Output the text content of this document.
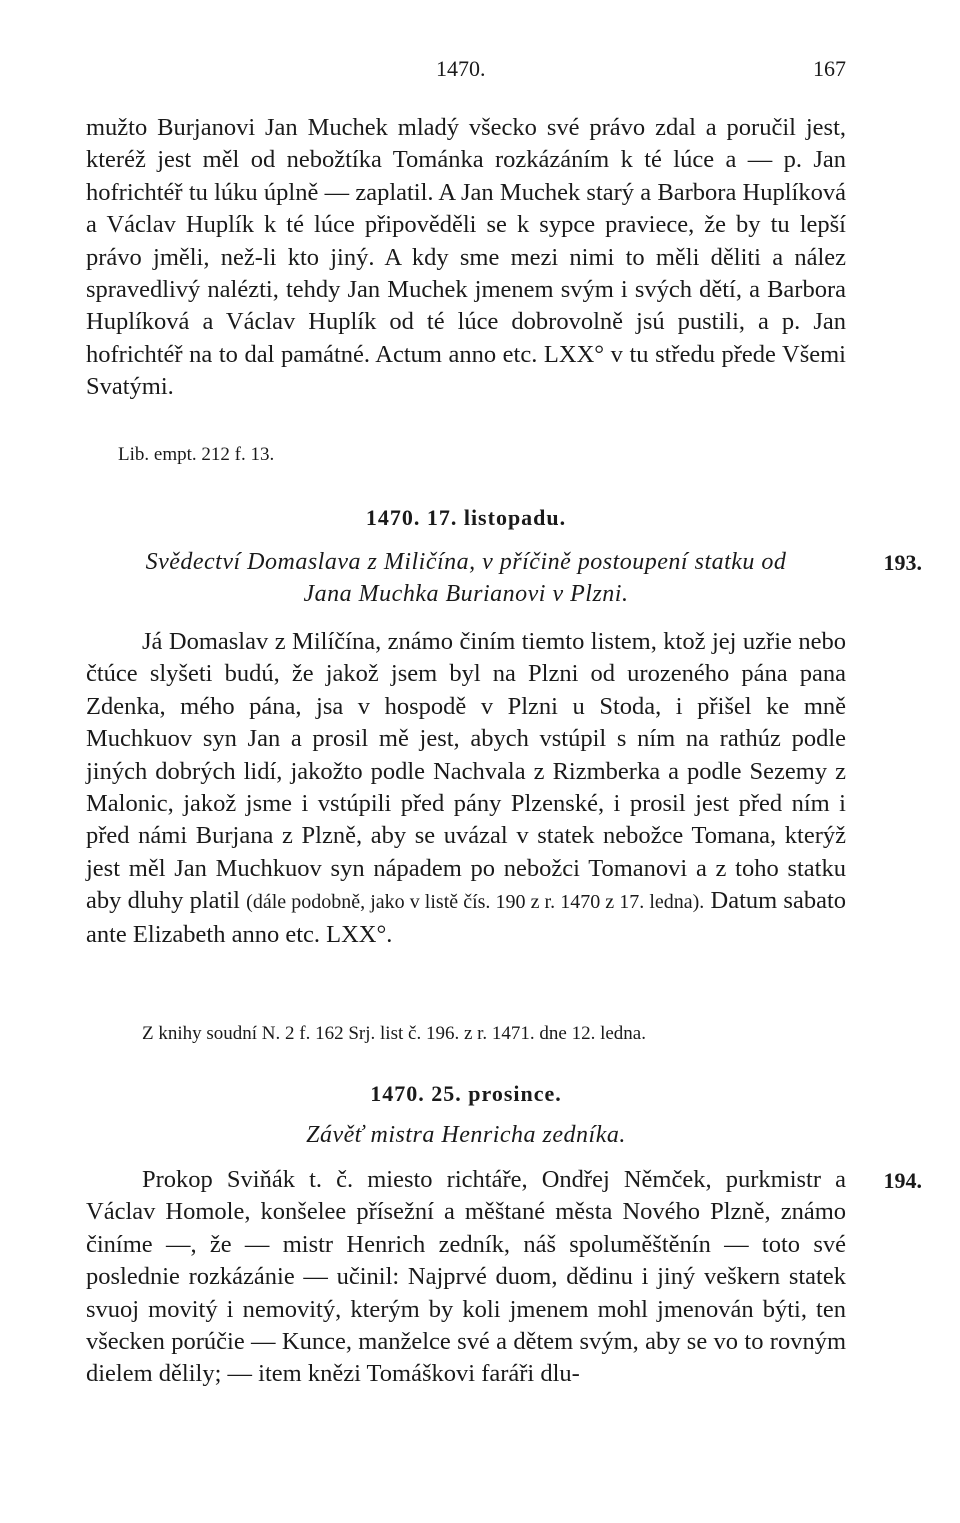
1470.	167
mužto Burjanovi Jan Muchek mladý všecko své právo zdal a poručil jest, kteréž jest měl od nebožtíka Tománka rozkázáním k té lúce a — p. Jan hofrichtéř tu lúku úplně — zaplatil. A Jan Muchek starý a Barbora Huplíková a Václav Huplík k té lúce připověděli se k sypce praviece, že by tu lepší právo jměli, než-li kto jiný. A kdy sme mezi nimi to měli děliti a nález spravedlivý nalézti, tehdy Jan Muchek jmenem svým i svých dětí, a Barbora Huplíková a Václav Huplík od té lúce dobrovolně jsú pustili, a p. Jan hofrichtéř na to dal památné. Actum anno etc. LXX° v tu středu přede Všemi Svatými.
Lib. empt. 212 f. 13.
1470. 17. listopadu.
Svědectví Domaslava z Miličína, v příčině postoupení statku od
Jana Muchka Burianovi v Plzni.
193.
Já Domaslav z Milíčína, známo činím tiemto listem, ktož jej uzřie nebo čtúce slyšeti budú, že jakož jsem byl na Plzni od urozeného pána pana Zdenka, mého pána, jsa v hospodě v Plzni u Stoda, i přišel ke mně Muchkuov syn Jan a prosil mě jest, abych vstúpil s ním na rathúz podle jiných dobrých lidí, jakožto podle Nachvala z Rizmberka a podle Sezemy z Malonic, jakož jsme i vstúpili před pány Plzenské, i prosil jest před ním i před námi Burjana z Plzně, aby se uvázal v statek nebožce Tomana, kterýž jest měl Jan Muchkuov syn nápadem po nebožci Tomanovi a z toho statku aby dluhy platil (dále podobně, jako v listě čís. 190 z r. 1470 z 17. ledna). Datum sabato ante Elizabeth anno etc. LXX°.
Z knihy soudní N. 2 f. 162 Srj. list č. 196. z r. 1471. dne 12. ledna.
1470. 25. prosince.
Závěť mistra Henricha zedníka.
Prokop Sviňák t. č. miesto richtáře, Ondřej Němček, purkmistr a Václav Homole, konšelee přísežní a měštané města Nového Plzně, známo činíme —, že — mistr Henrich zedník, náš spoluměštěnín — toto své poslednie rozkázánie — učinil: Najprvé duom, dědinu i jiný veškern statek svuoj movitý i nemovitý, kterým by koli jmenem mohl jmenován býti, ten všecken porúčie — Kunce, manželce své a dětem svým, aby se vo to rovným dielem dělily; — item knězi Tomáškovi faráři dlu-
194.
